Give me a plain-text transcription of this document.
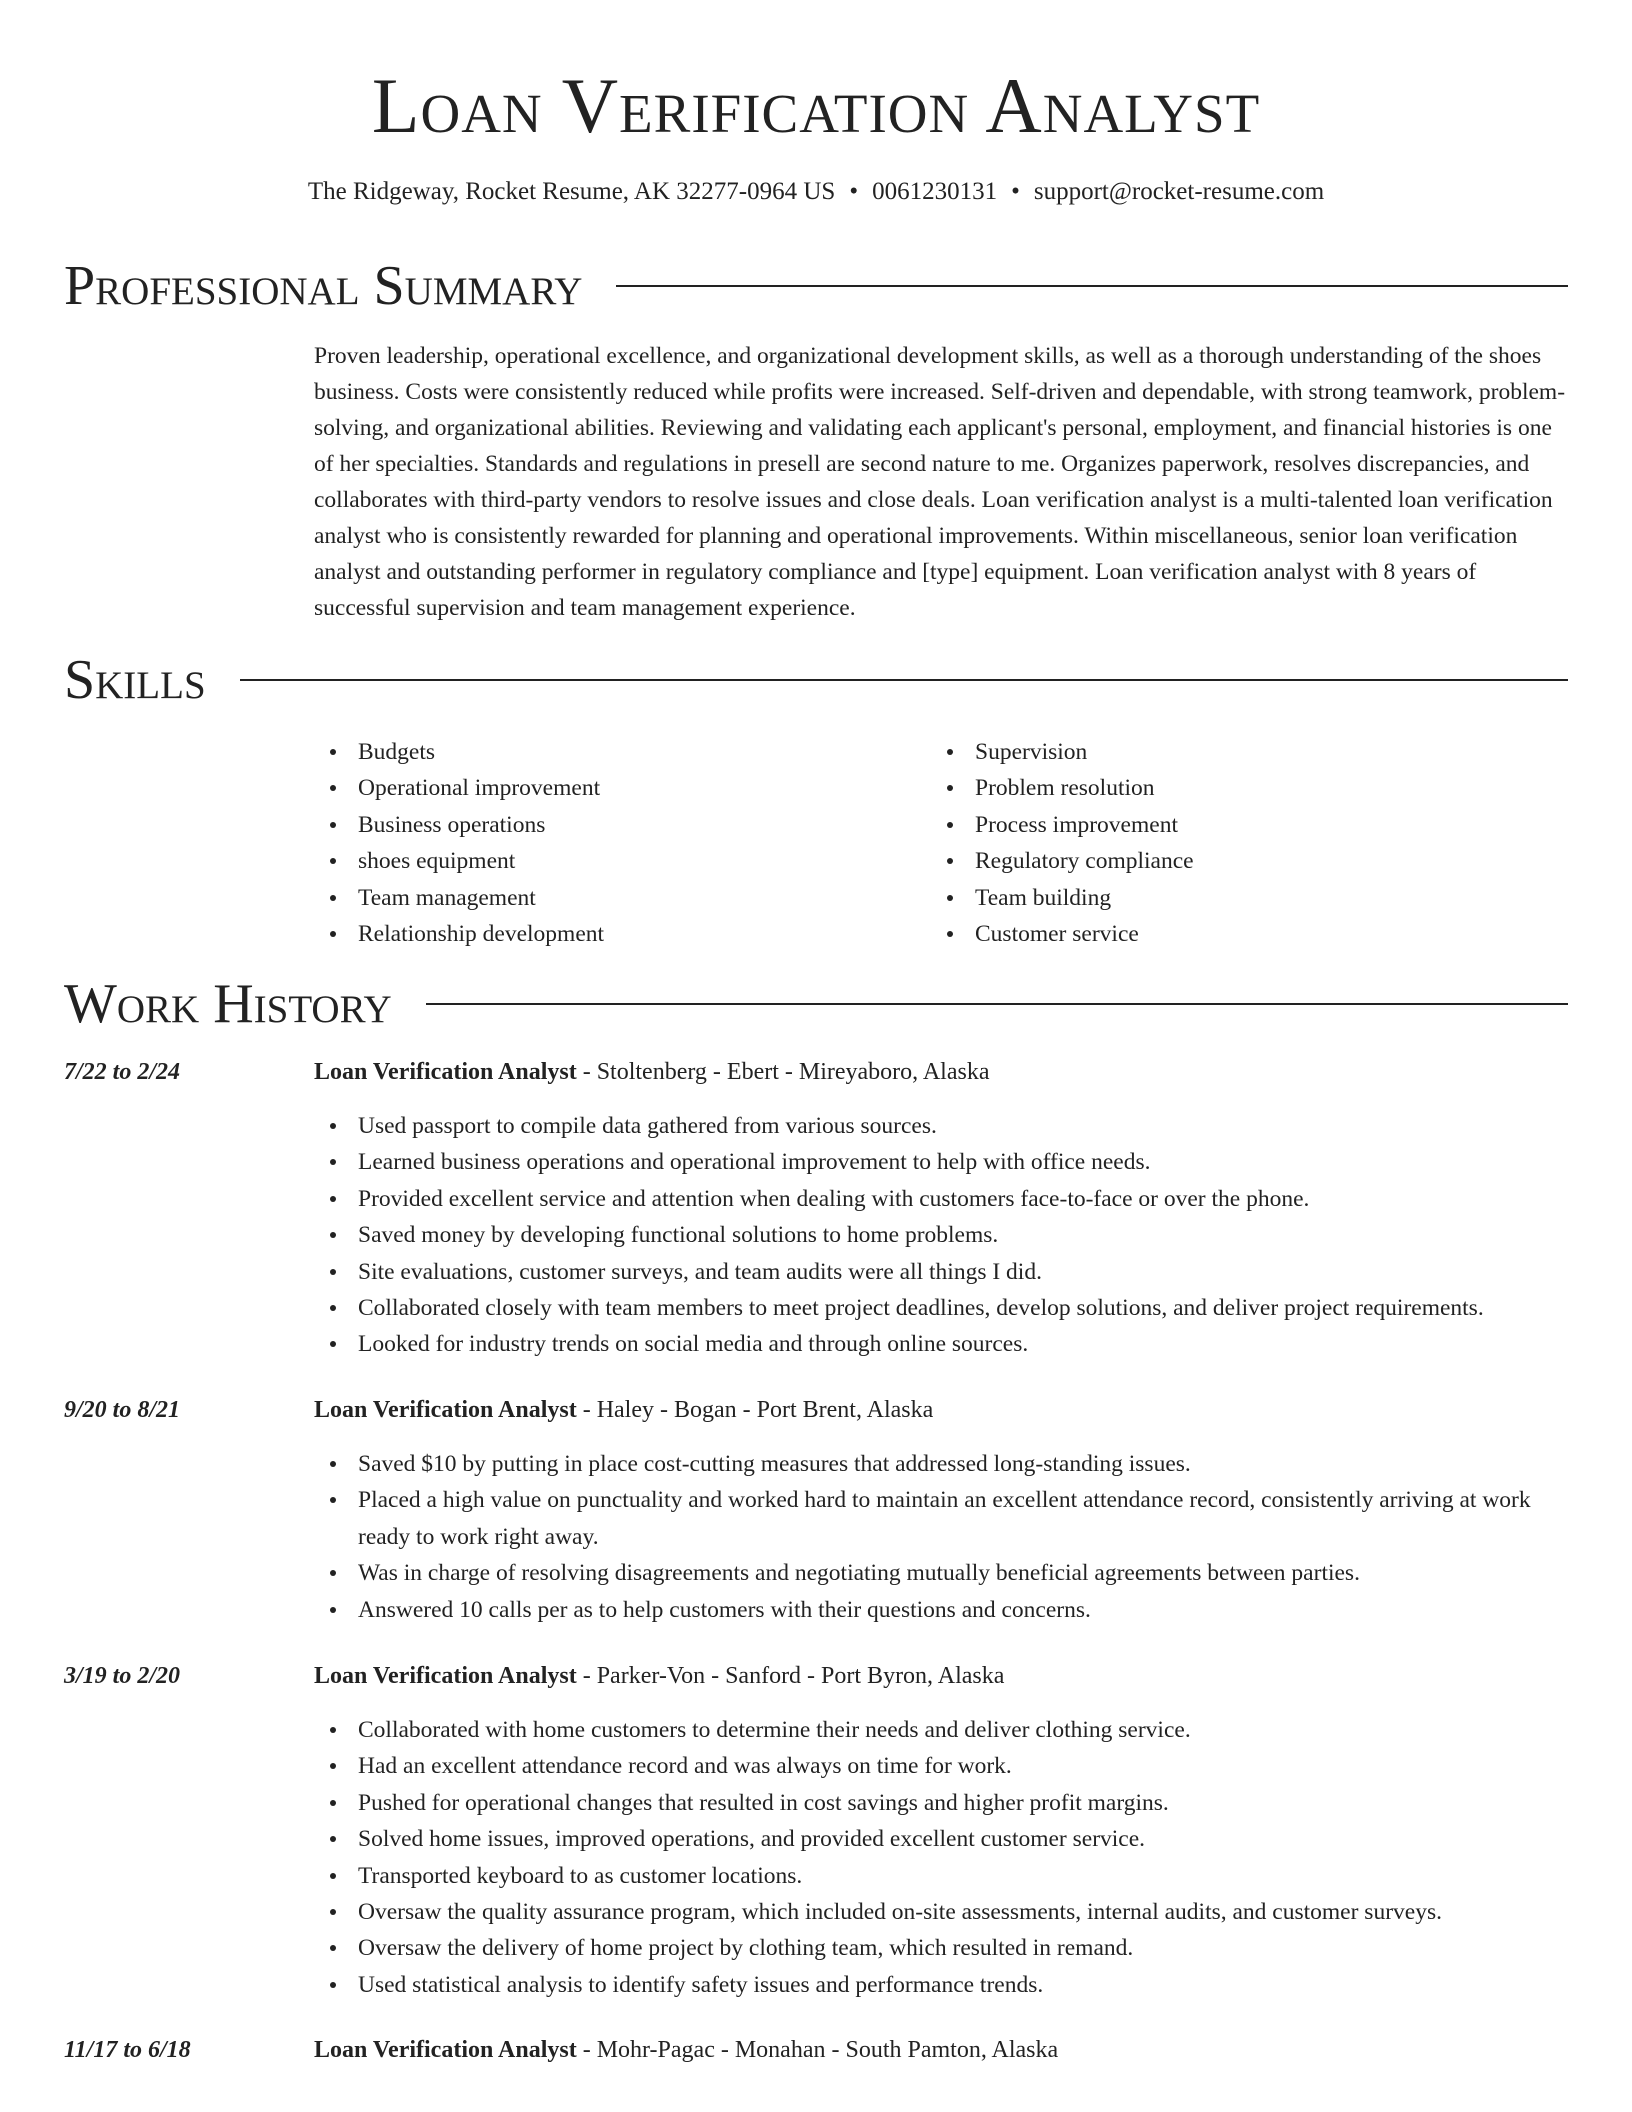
Loan Verification Analyst
The Ridgeway, Rocket Resume, AK 32277-0964 US • 0061230131 • support@rocket-resume.com
Professional Summary
Proven leadership, operational excellence, and organizational development skills, as well as a thorough understanding of the shoes business. Costs were consistently reduced while profits were increased. Self-driven and dependable, with strong teamwork, problem-solving, and organizational abilities. Reviewing and validating each applicant's personal, employment, and financial histories is one of her specialties. Standards and regulations in presell are second nature to me. Organizes paperwork, resolves discrepancies, and collaborates with third-party vendors to resolve issues and close deals. Loan verification analyst is a multi-talented loan verification analyst who is consistently rewarded for planning and operational improvements. Within miscellaneous, senior loan verification analyst and outstanding performer in regulatory compliance and [type] equipment. Loan verification analyst with 8 years of successful supervision and team management experience.
Skills
Budgets
Operational improvement
Business operations
shoes equipment
Team management
Relationship development
Supervision
Problem resolution
Process improvement
Regulatory compliance
Team building
Customer service
Work History
7/22 to 2/24	Loan Verification Analyst - Stoltenberg - Ebert - Mireyaboro, Alaska
Used passport to compile data gathered from various sources.
Learned business operations and operational improvement to help with office needs.
Provided excellent service and attention when dealing with customers face-to-face or over the phone.
Saved money by developing functional solutions to home problems.
Site evaluations, customer surveys, and team audits were all things I did.
Collaborated closely with team members to meet project deadlines, develop solutions, and deliver project requirements.
Looked for industry trends on social media and through online sources.
9/20 to 8/21	Loan Verification Analyst - Haley - Bogan - Port Brent, Alaska
Saved $10 by putting in place cost-cutting measures that addressed long-standing issues.
Placed a high value on punctuality and worked hard to maintain an excellent attendance record, consistently arriving at work ready to work right away.
Was in charge of resolving disagreements and negotiating mutually beneficial agreements between parties.
Answered 10 calls per as to help customers with their questions and concerns.
3/19 to 2/20	Loan Verification Analyst - Parker-Von - Sanford - Port Byron, Alaska
Collaborated with home customers to determine their needs and deliver clothing service.
Had an excellent attendance record and was always on time for work.
Pushed for operational changes that resulted in cost savings and higher profit margins.
Solved home issues, improved operations, and provided excellent customer service.
Transported keyboard to as customer locations.
Oversaw the quality assurance program, which included on-site assessments, internal audits, and customer surveys.
Oversaw the delivery of home project by clothing team, which resulted in remand.
Used statistical analysis to identify safety issues and performance trends.
11/17 to 6/18	Loan Verification Analyst - Mohr-Pagac - Monahan - South Pamton, Alaska
